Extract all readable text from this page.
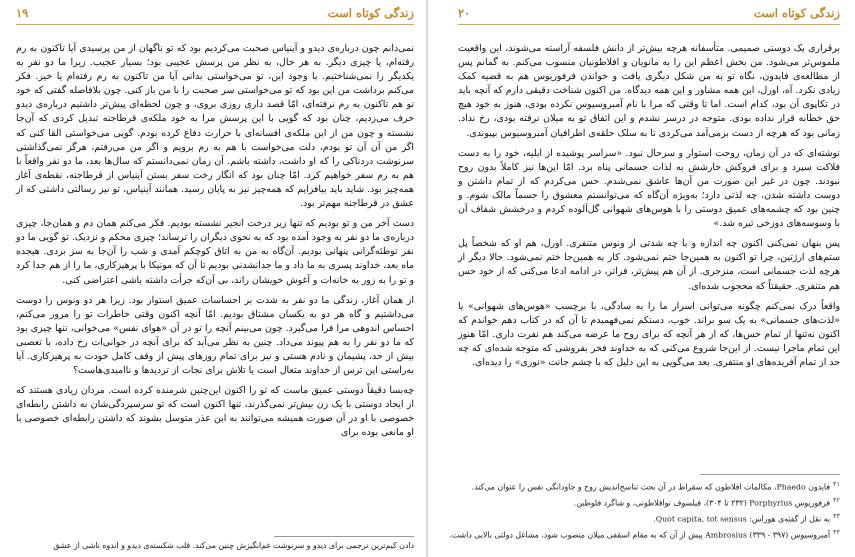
زندگی کوتاه است
۱۹

نمی‌دانم چون درباره‌ی دیدو و آینیاس صحبت می‌کردیم بود که تو ناگهان از من پرسیدی آیا تاکنون به رم رفته‌ام، یا چیزی دیگر. به هر حال، به نظر من پرسش عجیبی بود؛ بسیار عجیب. زیرا ما دو نفر به یکدیگر را نمی‌شناختیم. با وجود این، تو می‌خواستی بدانی آیا من تاکنون به رم رفته‌ام یا خیر. فکر می‌کنم برداشت من این بود که تو می‌خواستی سر صحبت را با من باز کنی. چون بلافاصله گفتی که خود تو هم تاکنون به رم نرفته‌ای، امّا قصد داری روزی بروی، و چون لحظه‌ای پیش‌تر داشتیم درباره‌ی دیدو حرف می‌زدیم، چنان بود که گویی با این پرسش مرا به خود ملکه‌ی قرطاجنه تبدیل کردی که آن‌جا نشسته و چون من از این ملکه‌ی افسانه‌ای با حرارت دفاع کرده بودم. گویی می‌خواستی القا کنی که اگر من آن آن تو بودم، دلت می‌خواست با هم به رم برویم و اگر من می‌رفتم، هرگز نمی‌گذاشتی سرنوشت دردناکی را که او داشت، داشته باشم. آن زمان نمی‌دانستم که سال‌ها بعد، ما دو نفر واقعاً با هم به رم سفر خواهیم کرد. امّا چنان بود که انگار رخت سفر بستن آینیاس از قرطاجنه، نقطه‌ی آغاز همه‌چیز بود. شاید باید بیافزایم که همه‌چیز نیز به پایان رسید. همانند آینیاس، تو نیز رسالتی داشتی که از عشق در قرطاجنه مهم‌تر بود.

دست آخر من و تو بودیم که تنها زیر درخت انجیر نشسته بودیم. فکر می‌کنم همان دم و همان‌جا، چیزی درباره‌ی ما دو نفر به وجود آمده بود که به نحوی دیگران را ترساند؛ چیزی محکم و نزدیک. تو گویی ما دو نفر توطئه‌گرانی پنهانی بودیم. آن‌گاه به من به اتاق کوچکم اَمدی و شب را آن‌جا به سر بردی. هیجده ماه بعد، خداوند پسری به ما داد و ما جدانشدنی بودیم تا آن که مونیکا با پرهیزکاری، ما را از هم جدا کرد و تو را به زور به خانه‌ات و آغوش خویشان راند، بی آن‌که جرأت داشته باشی اعتراضی کنی.

از همان آغاز، زندگی ما دو نفر به شدت بر احساسات عمیق استوار بود. زیرا هر دو ونوس را دوست می‌داشتیم و گاه هر دو به یکسان مشتاق بودیم. امّا آنچه اکنون وقتی خاطرات تو را مرور می‌کنم، احساس اندوهی مرا فرا می‌گیرد. چون می‌بینم آنچه را تو در آن «هوای نفس» می‌خوانی، تنها چیزی بود که ما دو نفر را به هم پیوند می‌داد. چنین به نظر می‌آید که برای آنچه در جوانی‌ات رخ داده، با تعصبی بیش از حد، پشیمان و نادم هستی و نیز برای تمام روزهای پیش از وقف کامل خودت به پرهیزکاری. آیا به‌راستی این ترس از خداوند متعال است یا تلاش برای نجات از تردیدها و ناامیدی‌هاست؟

چه‌بسا دقیقاً دوستی عمیق ماست که تو را اکنون این‌چنین شرمنده کرده است. مردان زیادی هستند که از ایجاد دوستی با یک زن بیش‌تر نمی‌گذرند، تنها اکنون است که تو سرسپردگی‌شان به داشتن رابطه‌ای خصوصی با او در آن صورت همیشه می‌توانند به این عذر متوسل بشوند که داشتن رابطه‌ای خصوصی با او مانعی بوده برای

دادن کیم‌ترین ترجمی برای دیدو و سرنوشت غم‌انگیزش چنین می‌کند. قلب شکسته‌ی دیدو و اندوه ناشی از عشق
زندگی کوتاه است
۲۰

برقراری یک دوستی صمیمی. متأسفانه هرچه بیش‌تر از دانش فلسفه آراسته می‌شوند، این واقعیت ملموس‌تر می‌شود. من بخش اعظم این را به مانویان و افلاطونیان منسوب می‌کنم. به گمانم پس از مطالعه‌ی فایدون، نگاه تو به من شکل دیگری یافت و خواندن فرفوریوس هم به قضیه کمک زیادی نکرد. آه، اورل، این همه مشاور و این همه دیدگاه. من اکنون شناخت دقیقی دارم که آنچه باید در تکاپوی آن بود، کدام است. اما تا وقتی که مرا با نام آمبروسیوس نکرده بودی، هنوز به خود هیچ حق خطابه قرار نداده بودی. متوجه در درسر نشدم و این اتفاق تو به میلان نرفته بودی، رخ نداد. زمانی بود که هرچه از دست برمی‌آمد می‌کردی تا به سلک حلقه‌ی اطرافیان آمبروسیوس بپیوندی.

نوشته‌ای که در آن زمان، روحت استوار و سرحال نبود. «سراسر پوشیده از ابلیه، خود را به دست فلاکت سپرد و برای فروکش خارشش به لذات جسمانی پناه برد. امّا این‌ها نیز کاملاً بدون روح نبودند. چون در غیر این صورت من آن‌ها عاشق نمی‌شدم. حس می‌کردم که از تمام داشتن و دوست داشته شدن، چه لذتی دارد؛ به‌ویژه آن‌گاه که می‌توانستم معشوق را جسماً مالک شوم. و چنین بود که چشمه‌های عمیق دوستی را با هوس‌های شهوانی گل‌آلوده کردم و درخشش شفاف آن با وسوسه‌های دوزخی تیره شد.»

پس بنهان نمی‌کنی اکنون چه اندازه و با چه شدتی از ونوس متنفری. اورل، هم او که شخصاً پل ستم‌های ارژتین، چرا تو اکنون به همین‌جا ختم نمی‌شود. کار به همین‌جا ختم نمی‌شود. حالا دیگر از هرچه لذت جسمانی است، منزجری. از آن هم پیش‌تر، فراتر، در ادامه ادعا می‌کنی که از خود حس هم متنفری. حقیقتاً که محجوب شده‌ای.

واقعاً درک نمی‌کنم چگونه می‌توانی اسرار ما را به سادگی، با برچسب «هوس‌های شهوانی» یا «لذت‌های جسمانی» به یک سو براند. خوب، دستکم نمی‌فهمیدم تا آن که در کتاب دهم خواندم که اکنون نه‌تنها از تمام حس‌ها، که از هر آنچه که برای روح ما عرضه می‌کند هم نفرت داری. امّا هنوز این تمام ماجرا نیست. از این‌جا شروع می‌کنی که به خداوند فخر بفروشی که متوجه شده‌ای که چه حد از تمام آفریده‌های او منتفری. بعد می‌گویی به این دلیل که با چشم جانت «نوری» را دیده‌ای.

$^{۴۱}$فایدون Phaedo، مکالمات افلاطون که سقراط در آن بحث تناسخ‌اندیش روح و جاودانگی نفس را عنوان می‌کند.
$^{۴۲}$فرفوریوس Porphyrius (۲۳۲ تا ۳۰۴)، فیلسوف نوافلاطونی، و شاگرد فلوطین.
$^{۴۳}$به نقل از گفته‌ی هوراس: Quot capita, tot sensus.
$^{۴۴}$آمبروسیوس Ambrosius (۳۳۹ - ۳۹۷) پیش از آن که به مقام اسقفی میلان منصوب شود، مشاغل دولتی بالایی داشت.
